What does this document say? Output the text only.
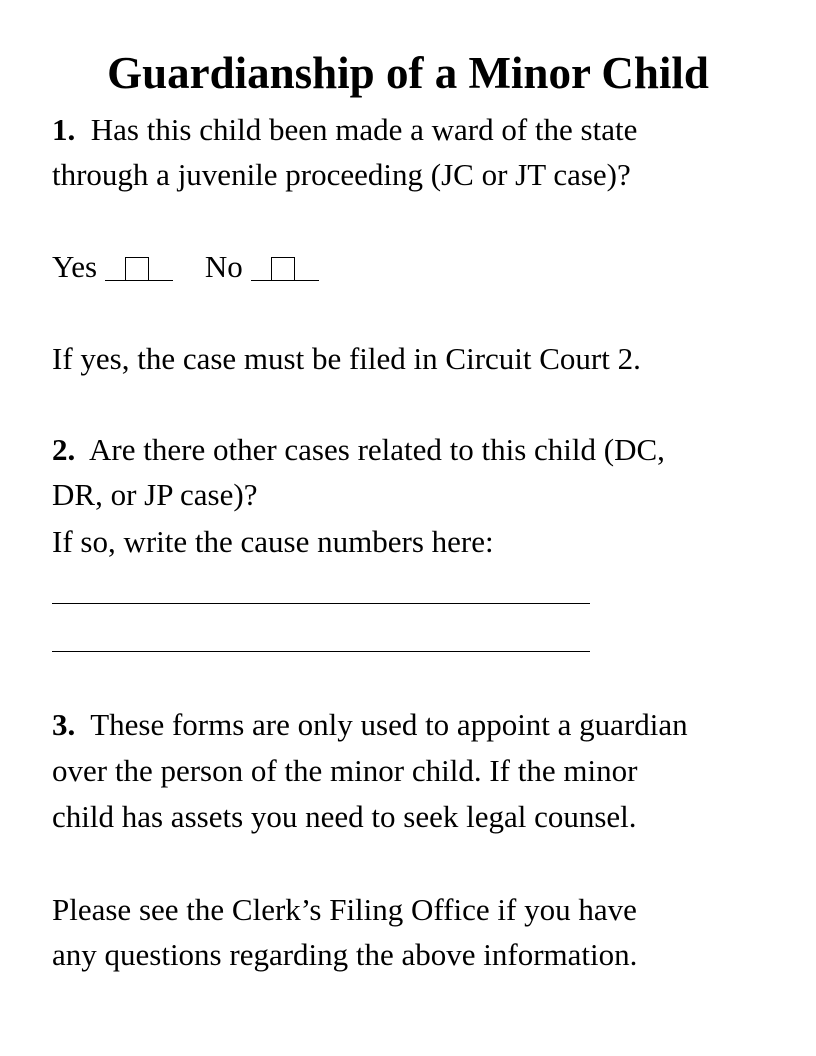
Guardianship of a Minor Child
1. Has this child been made a ward of the state
through a juvenile proceeding (JC or JT case)?
Yes	No
If yes, the case must be filed in Circuit Court 2.
2. Are there other cases related to this child (DC,
DR, or JP case)?
If so, write the cause numbers here:
3. These forms are only used to appoint a guardian
over the person of the minor child. If the minor
child has assets you need to seek legal counsel.
Please see the Clerk’s Filing Office if you have
any questions regarding the above information.
